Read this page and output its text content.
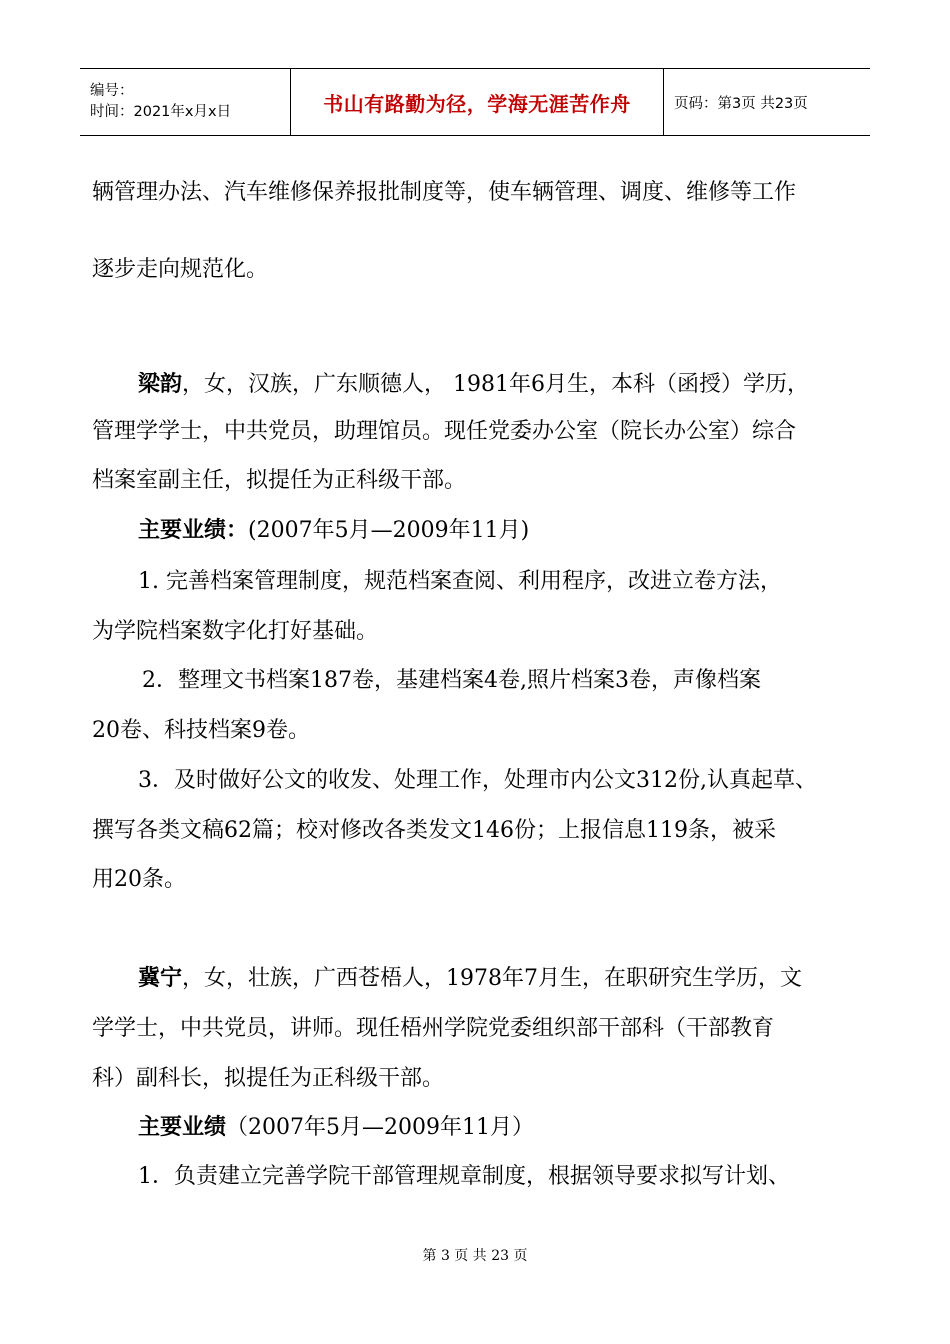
编号：
时间：2021年x月x日	书山有路勤为径，学海无涯苦作舟	页码：第3页 共23页
辆管理办法、汽车维修保养报批制度等，使车辆管理、调度、维修等工作
逐步走向规范化。
梁韵，女，汉族，广东顺德人， 1981年6月生，本科（函授）学历，
管理学学士，中共党员，助理馆员。现任党委办公室（院长办公室）综合
档案室副主任，拟提任为正科级干部。
主要业绩：(2007年5月—2009年11月)
1. 完善档案管理制度，规范档案查阅、利用程序，改进立卷方法，
为学院档案数字化打好基础。
2．整理文书档案187卷，基建档案4卷,照片档案3卷，声像档案
20卷、科技档案9卷。
3．及时做好公文的收发、处理工作，处理市内公文312份,认真起草、
撰写各类文稿62篇；校对修改各类发文146份；上报信息119条，被采
用20条。
冀宁，女，壮族，广西苍梧人，1978年7月生，在职研究生学历，文
学学士，中共党员，讲师。现任梧州学院党委组织部干部科（干部教育
科）副科长，拟提任为正科级干部。
主要业绩（2007年5月—2009年11月）
1．负责建立完善学院干部管理规章制度，根据领导要求拟写计划、
第 3 页 共 23 页
